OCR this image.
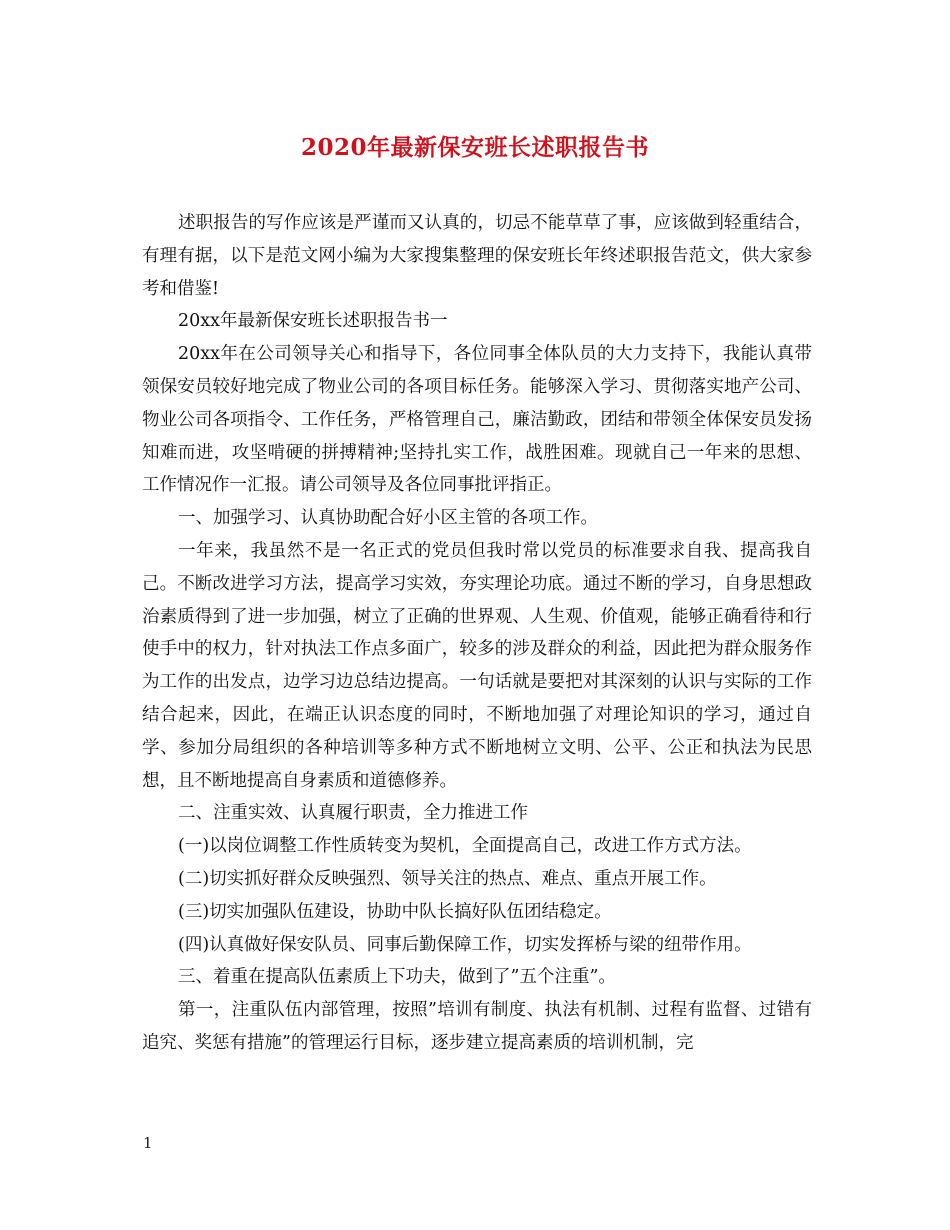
2020年最新保安班长述职报告书

述职报告的写作应该是严谨而又认真的，切忌不能草草了事，应该做到轻重结合，有理有据，以下是范文网小编为大家搜集整理的保安班长年终述职报告范文，供大家参考和借鉴!

20xx年最新保安班长述职报告书一

20xx年在公司领导关心和指导下，各位同事全体队员的大力支持下，我能认真带领保安员较好地完成了物业公司的各项目标任务。能够深入学习、贯彻落实地产公司、物业公司各项指令、工作任务，严格管理自己，廉洁勤政，团结和带领全体保安员发扬知难而进，攻坚啃硬的拼搏精神;坚持扎实工作，战胜困难。现就自己一年来的思想、工作情况作一汇报。请公司领导及各位同事批评指正。

一、加强学习、认真协助配合好小区主管的各项工作。

一年来，我虽然不是一名正式的党员但我时常以党员的标准要求自我、提高我自己。不断改进学习方法，提高学习实效，夯实理论功底。通过不断的学习，自身思想政治素质得到了进一步加强，树立了正确的世界观、人生观、价值观，能够正确看待和行使手中的权力，针对执法工作点多面广，较多的涉及群众的利益，因此把为群众服务作为工作的出发点，边学习边总结边提高。一句话就是要把对其深刻的认识与实际的工作结合起来，因此，在端正认识态度的同时，不断地加强了对理论知识的学习，通过自学、参加分局组织的各种培训等多种方式不断地树立文明、公平、公正和执法为民思想，且不断地提高自身素质和道德修养。

二、注重实效、认真履行职责，全力推进工作

(一)以岗位调整工作性质转变为契机，全面提高自己，改进工作方式方法。

(二)切实抓好群众反映强烈、领导关注的热点、难点、重点开展工作。

(三)切实加强队伍建设，协助中队长搞好队伍团结稳定。

(四)认真做好保安队员、同事后勤保障工作，切实发挥桥与梁的纽带作用。

三、着重在提高队伍素质上下功夫，做到了”五个注重”。

第一，注重队伍内部管理，按照”培训有制度、执法有机制、过程有监督、过错有追究、奖惩有措施”的管理运行目标，逐步建立提高素质的培训机制，完

1
